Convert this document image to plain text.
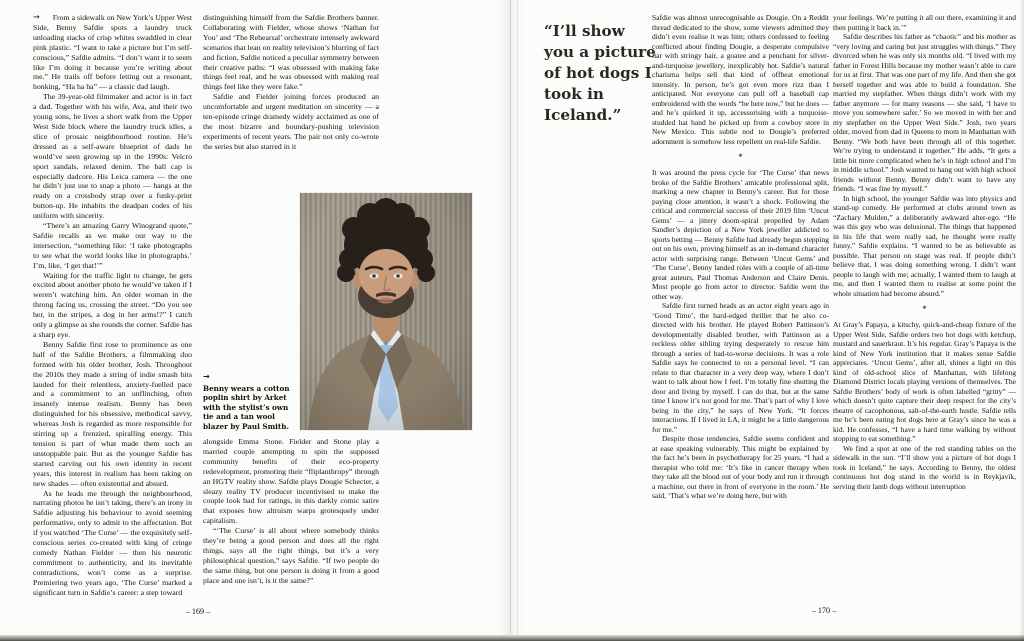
→ From a sidewalk on New York’s Upper West Side, Benny Safdie spots a laundry truck unloading stacks of crisp whites swaddled in clear pink plastic. “I want to take a picture but I’m self-conscious,” Safdie admits. “I don’t want it to seem like I’m doing it because you’re writing about me.” He trails off before letting out a resonant, honking, “Ha ha ha” — a classic dad laugh.

The 39-year-old filmmaker and actor is in fact a dad. Together with his wife, Ava, and their two young sons, he lives a short walk from the Upper West Side block where the laundry truck idles, a slice of prosaic neighbourhood routine. He’s dressed as a self-aware blueprint of dads he would’ve seen growing up in the 1990s: Velcro sport sandals, relaxed denim. The ball cap is especially dadcore. His Leica camera — the one he didn’t just use to snap a photo — hangs at the ready on a crossbody strap over a funky-print button-up. He inhabits the deadpan codes of his uniform with sincerity.

“There’s an amazing Garry Winogrand quote,” Safdie recalls as we make our way to the intersection, “something like: ‘I take photographs to see what the world looks like in photographs.’ I’m, like, ‘I get that!’”

Waiting for the traffic light to change, he gets excited about another photo he would’ve taken if I weren’t watching him. An older woman in the throng facing us, crossing the street. “Do you see her, in the stripes, a dog in her arms!?” I catch only a glimpse as she rounds the corner. Safdie has a sharp eye.

Benny Safdie first rose to prominence as one half of the Safdie Brothers, a filmmaking duo formed with his older brother, Josh. Throughout the 2010s they made a string of indie smash hits lauded for their relentless, anxiety-fuelled pace and a commitment to an unflinching, often insanely intense realism. Benny has been distinguished for his obsessive, methodical savvy, whereas Josh is regarded as more responsible for stirring up a frenzied, spiralling energy. This tension is part of what made them such an unstoppable pair. But as the younger Safdie has started carving out his own identity in recent years, this interest in realism has been taking on new shades — often existential and absurd.

As he leads me through the neighbourhood, narrating photos he isn’t taking, there’s an irony in Safdie adjusting his behaviour to avoid seeming performative, only to admit to the affectation. But if you watched ‘The Curse’ — the exquisitely self-conscious series co-created with king of cringe comedy Nathan Fielder — then his neurotic commitment to authenticity, and its inevitable contradictions, won’t come as a surprise. Premiering two years ago, ‘The Curse’ marked a significant turn in Safdie’s career: a step toward

distinguishing himself from the Safdie Brothers banner. Collaborating with Fielder, whose shows ‘Nathan for You’ and ‘The Rehearsal’ orchestrate intensely awkward scenarios that lean on reality television’s blurring of fact and fiction, Safdie noticed a peculiar symmetry between their creative paths: “I was obsessed with making fake things feel real, and he was obsessed with making real things feel like they were fake.”

Safdie and Fielder joining forces produced an uncomfortable and urgent meditation on sincerity — a ten-episode cringe dramedy widely acclaimed as one of the most bizarre and boundary-pushing television experiments of recent years. The pair not only co-wrote the series but also starred in it

→

Benny wears a cotton poplin shirt by Arket with the stylist’s own tie and a tan wool blazer by Paul Smith.

alongside Emma Stone. Fielder and Stone play a married couple attempting to spin the supposed community benefits of their eco-property redevelopment, promoting their “fliplanthropy” through an HGTV reality show. Safdie plays Dougie Schecter, a sleazy reality TV producer incentivised to make the couple look bad for ratings, in this darkly comic satire that exposes how altruism warps grotesquely under capitalism.

“‘The Curse’ is all about where somebody thinks they’re being a good person and does all the right things, says all the right things, but it’s a very philosophical question,” says Safdie. “If two people do the same thing, but one person is doing it from a good place and one isn’t, is it the same?”

– 169 –
“I’ll show you a picture of hot dogs I took in Iceland.”

Safdie was almost unrecognisable as Dougie. On a Reddit thread dedicated to the show, some viewers admitted they didn’t even realise it was him; others confessed to feeling conflicted about finding Dougie, a desperate compulsive liar with stringy hair, a goatee and a penchant for silver-and-turquoise jewellery, inexplicably hot. Safdie’s natural charisma helps sell that kind of offbeat emotional intensity. In person, he’s got even more rizz than I anticipated. Not everyone can pull off a baseball cap embroidered with the words “be here now,” but he does — and he’s quirked it up, accessorising with a turquoise-studded hat band he picked up from a cowboy store in New Mexico. This subtle nod to Dougie’s preferred adornment is somehow less repellent on real-life Safdie.

*

It was around the press cycle for ‘The Curse’ that news broke of the Safdie Brothers’ amicable professional split, marking a new chapter in Benny’s career. But for those paying close attention, it wasn’t a shock. Following the critical and commercial success of their 2019 film ‘Uncut Gems’ — a jittery doom-spiral propelled by Adam Sandler’s depiction of a New York jeweller addicted to sports betting — Benny Safdie had already begun stepping out on his own, proving himself as an in-demand character actor with surprising range. Between ‘Uncut Gems’ and ‘The Curse’, Benny landed roles with a couple of all-time great auteurs, Paul Thomas Anderson and Claire Denis. Most people go from actor to director. Safdie went the other way.

Safdie first turned heads as an actor eight years ago in ‘Good Time’, the hard-edged thriller that he also co-directed with his brother. He played Robert Pattinson’s developmentally disabled brother, with Pattinson as a reckless older sibling trying desperately to rescue him through a series of bad-to-worse decisions. It was a role Safdie says he connected to on a personal level. “I can relate to that character in a very deep way, where I don’t want to talk about how I feel. I’m totally fine shutting the door and living by myself. I can do that, but at the same time I know it’s not good for me. That’s part of why I love being in the city,” he says of New York. “It forces interactions. If I lived in LA, it might be a little dangerous for me.”

Despite those tendencies, Safdie seems confident and at ease speaking vulnerably. This might be explained by the fact he’s been in psychotherapy for 25 years. “I had a therapist who told me: ‘It’s like in cancer therapy when they take all the blood out of your body and run it through a machine, out there in front of everyone in the room.’ He said, ‘That’s what we’re doing here, but with

your feelings. We’re putting it all out there, examining it and then putting it back in.’”

Safdie describes his father as “chaotic” and his mother as “very loving and caring but just struggles with things.” They divorced when he was only six months old. “I lived with my father in Forest Hills because my mother wasn’t able to care for us at first. That was one part of my life. And then she got herself together and was able to build a foundation. She married my stepfather. When things didn’t work with my father anymore — for many reasons — she said, ‘I have to move you somewhere safer.’ So we moved in with her and my stepfather on the Upper West Side.” Josh, two years older, moved from dad in Queens to mom in Manhattan with Benny. “We both have been through all of this together. We’re trying to understand it together.” He adds, “It gets a little bit more complicated when he’s in high school and I’m in middle school.” Josh wanted to hang out with high school friends without Benny. Benny didn’t want to have any friends. “I was fine by myself.”

In high school, the younger Safdie was into physics and stand-up comedy. He performed at clubs around town as “Zachary Mulden,” a deliberately awkward alter-ego. “He was this guy who was delusional. The things that happened in his life that were really sad, he thought were really funny,” Safdie explains. “I wanted to be as believable as possible. That person on stage was real. If people didn’t believe that, I was doing something wrong. I didn’t want people to laugh with me; actually, I wanted them to laugh at me, and then I wanted them to realise at some point the whole situation had become absurd.”

*

At Gray’s Papaya, a kitschy, quick-and-cheap fixture of the Upper West Side, Safdie orders two hot dogs with ketchup, mustard and sauerkraut. It’s his regular. Gray’s Papaya is the kind of New York institution that it makes sense Safdie appreciates. ‘Uncut Gems’, after all, shines a light on this kind of old-school slice of Manhattan, with lifelong Diamond District locals playing versions of themselves. The Safdie Brothers’ body of work is often labelled “gritty” — which doesn’t quite capture their deep respect for the city’s theatre of cacophonous, salt-of-the-earth hustle. Safdie tells me he’s been eating hot dogs here at Gray’s since he was a kid. He confesses, “I have a hard time walking by without stopping to eat something.”

We find a spot at one of the red standing tables on the sidewalk in the sun. “I’ll show you a picture of hot dogs I took in Iceland,” he says. According to Benny, the oldest continuous hot dog stand in the world is in Reykjavík, serving their lamb dogs without interruption

– 170 –
